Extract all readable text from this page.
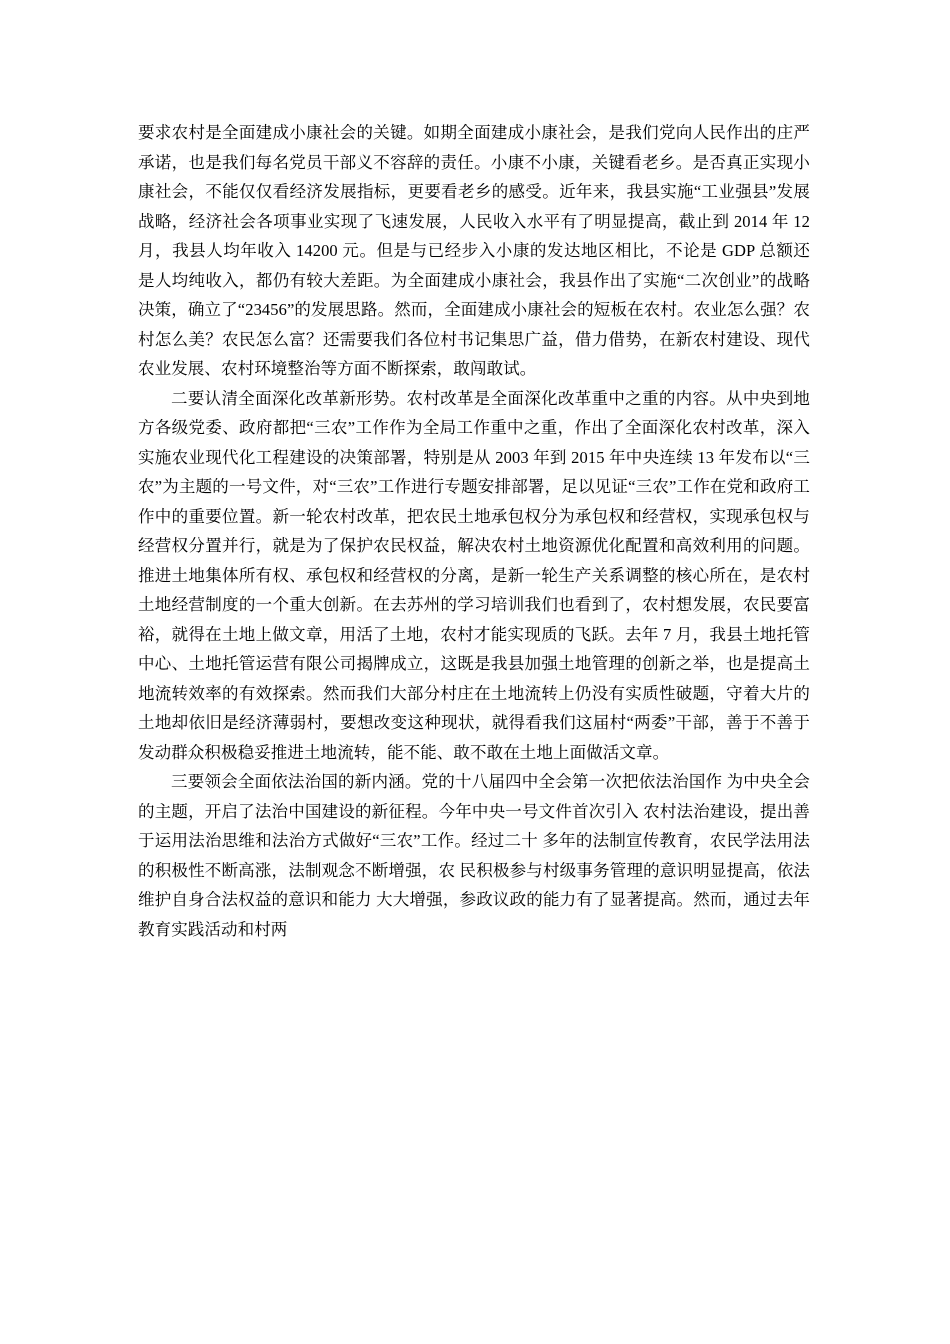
要求农村是全面建成小康社会的关键。如期全面建成小康社会，是我们党向人民作出的庄严承诺，也是我们每名党员干部义不容辞的责任。小康不小康，关键看老乡。是否真正实现小康社会，不能仅仅看经济发展指标，更要看老乡的感受。近年来，我县实施“工业强县”发展战略，经济社会各项事业实现了飞速发展，人民收入水平有了明显提高，截止到 2014 年 12 月，我县人均年收入 14200 元。但是与已经步入小康的发达地区相比，不论是 GDP 总额还是人均纯收入，都仍有较大差距。为全面建成小康社会，我县作出了实施“二次创业”的战略决策，确立了“23456”的发展思路。然而，全面建成小康社会的短板在农村。农业怎么强？农村怎么美？农民怎么富？还需要我们各位村书记集思广益，借力借势，在新农村建设、现代农业发展、农村环境整治等方面不断探索，敢闯敢试。

二要认清全面深化改革新形势。农村改革是全面深化改革重中之重的内容。从中央到地方各级党委、政府都把“三农”工作作为全局工作重中之重，作出了全面深化农村改革，深入实施农业现代化工程建设的决策部署，特别是从 2003 年到 2015 年中央连续 13 年发布以“三农”为主题的一号文件，对“三农”工作进行专题安排部署，足以见证“三农”工作在党和政府工作中的重要位置。新一轮农村改革，把农民土地承包权分为承包权和经营权，实现承包权与经营权分置并行，就是为了保护农民权益，解决农村土地资源优化配置和高效利用的问题。推进土地集体所有权、承包权和经营权的分离，是新一轮生产关系调整的核心所在，是农村土地经营制度的一个重大创新。在去苏州的学习培训我们也看到了，农村想发展，农民要富裕，就得在土地上做文章，用活了土地，农村才能实现质的飞跃。去年 7 月，我县土地托管中心、土地托管运营有限公司揭牌成立，这既是我县加强土地管理的创新之举，也是提高土地流转效率的有效探索。然而我们大部分村庄在土地流转上仍没有实质性破题，守着大片的土地却依旧是经济薄弱村，要想改变这种现状，就得看我们这届村“两委”干部，善于不善于发动群众积极稳妥推进土地流转，能不能、敢不敢在土地上面做活文章。

三要领会全面依法治国的新内涵。党的十八届四中全会第一次把依法治国作 为中央全会的主题，开启了法治中国建设的新征程。今年中央一号文件首次引入 农村法治建设，提出善于运用法治思维和法治方式做好“三农”工作。经过二十 多年的法制宣传教育，农民学法用法的积极性不断高涨，法制观念不断增强，农 民积极参与村级事务管理的意识明显提高，依法维护自身合法权益的意识和能力 大大增强，参政议政的能力有了显著提高。然而，通过去年教育实践活动和村两
